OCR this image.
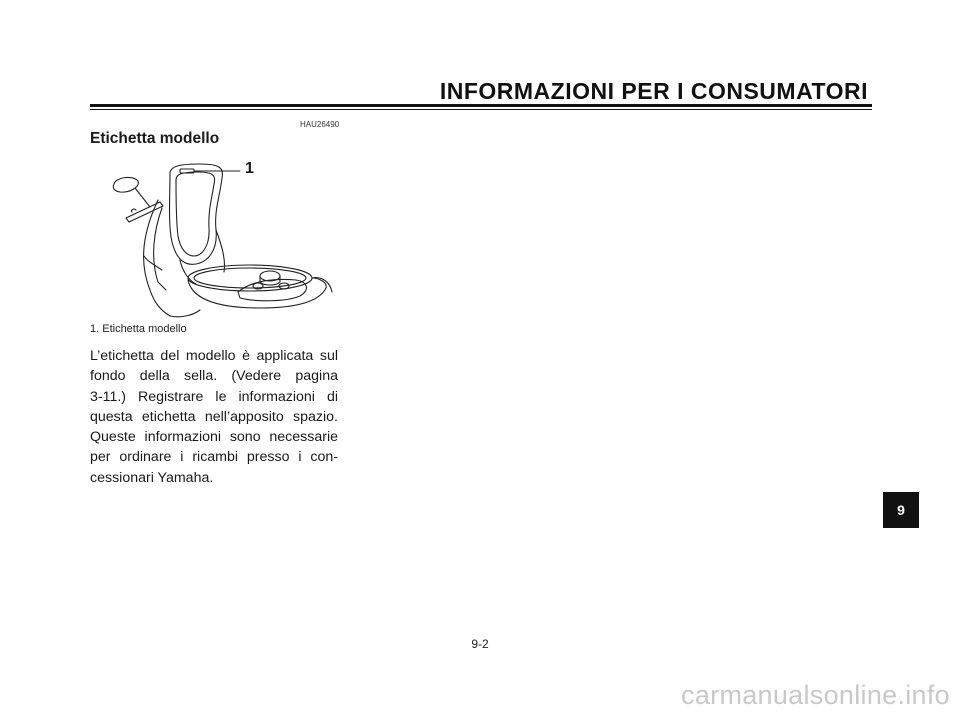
INFORMAZIONI PER I CONSUMATORI
HAU26490
Etichetta modello
1
1. Etichetta modello
L’etichetta del modello è applicata sul
fondo della sella. (Vedere pagina
3-11.) Registrare le informazioni di
questa etichetta nell’apposito spazio.
Queste informazioni sono necessarie
per ordinare i ricambi presso i con-
cessionari Yamaha.
9
9-2
carmanualsonline.info
